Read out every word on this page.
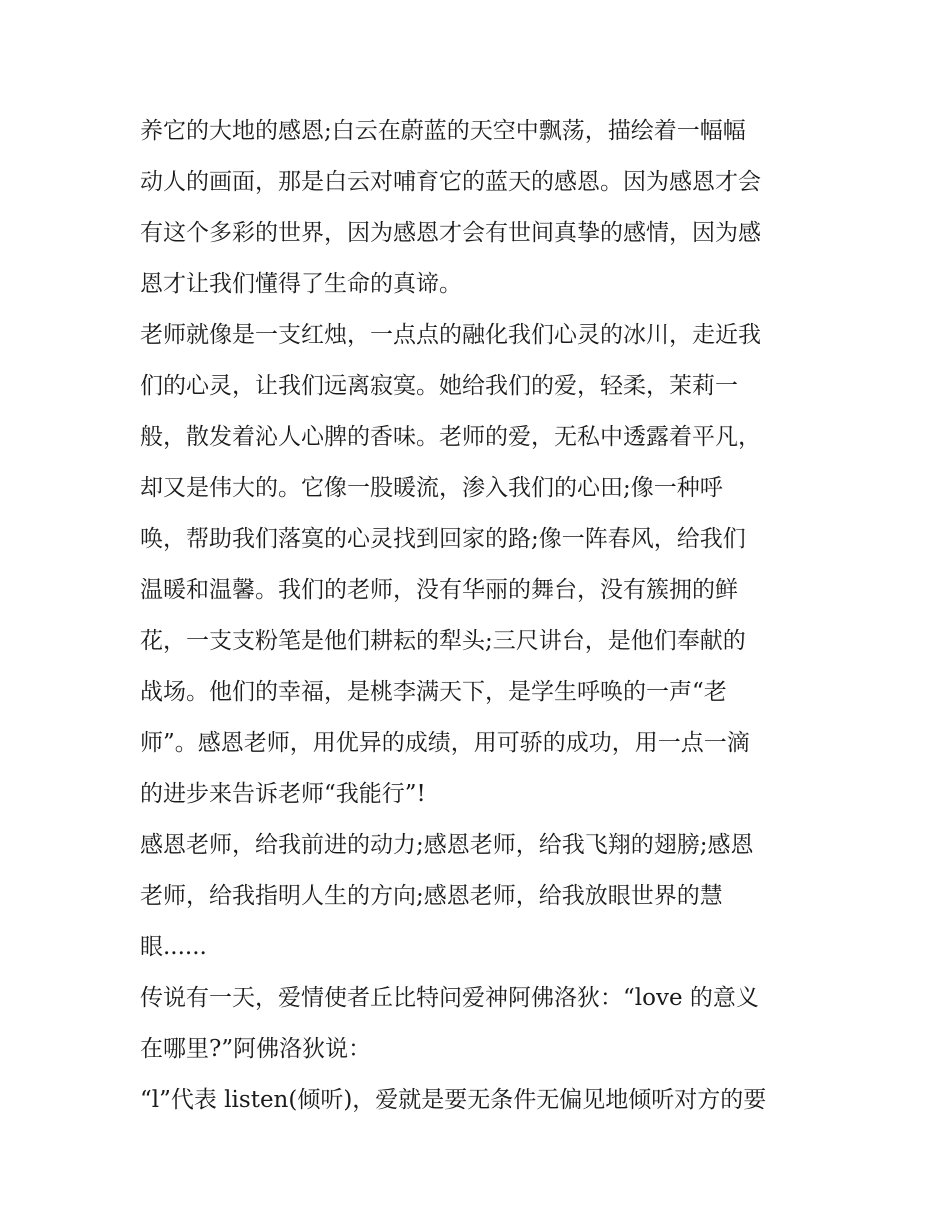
养它的大地的感恩;白云在蔚蓝的天空中飘荡，描绘着一幅幅
动人的画面，那是白云对哺育它的蓝天的感恩。因为感恩才会
有这个多彩的世界，因为感恩才会有世间真挚的感情，因为感
恩才让我们懂得了生命的真谛。
老师就像是一支红烛，一点点的融化我们心灵的冰川，走近我
们的心灵，让我们远离寂寞。她给我们的爱，轻柔，茉莉一
般，散发着沁人心脾的香味。老师的爱，无私中透露着平凡，
却又是伟大的。它像一股暖流，渗入我们的心田;像一种呼
唤，帮助我们落寞的心灵找到回家的路;像一阵春风，给我们
温暖和温馨。我们的老师，没有华丽的舞台，没有簇拥的鲜
花，一支支粉笔是他们耕耘的犁头;三尺讲台，是他们奉献的
战场。他们的幸福，是桃李满天下，是学生呼唤的一声“老
师”。感恩老师，用优异的成绩，用可骄的成功，用一点一滴
的进步来告诉老师“我能行”!
感恩老师，给我前进的动力;感恩老师，给我飞翔的翅膀;感恩
老师，给我指明人生的方向;感恩老师，给我放眼世界的慧
眼......
传说有一天，爱情使者丘比特问爱神阿佛洛狄：“love 的意义
在哪里?”阿佛洛狄说：
“l”代表 listen(倾听)，爱就是要无条件无偏见地倾听对方的要
